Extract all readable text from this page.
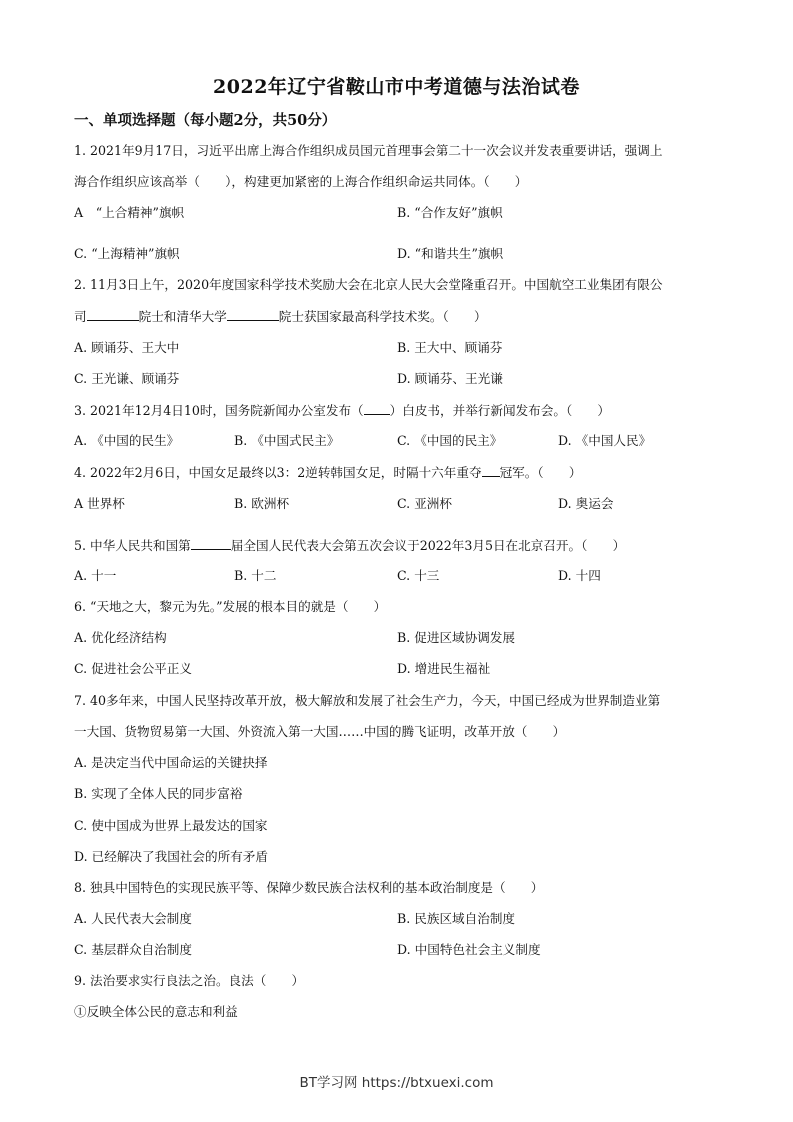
2022年辽宁省鞍山市中考道德与法治试卷
一、单项选择题（每小题2分，共50分）
1. 2021年9月17日，习近平出席上海合作组织成员国元首理事会第二十一次会议并发表重要讲话，强调上
海合作组织应该高举（　　），构建更加紧密的上海合作组织命运共同体。（　　）
A　“上合精神”旗帜	B. “合作友好”旗帜
C. “上海精神”旗帜	D. “和谐共生”旗帜
2. 11月3日上午，2020年度国家科学技术奖励大会在北京人民大会堂隆重召开。中国航空工业集团有限公
司	院士和清华大学	院士获国家最高科学技术奖。（　　）
A. 顾诵芬、王大中	B. 王大中、顾诵芬
C. 王光谦、顾诵芬	D. 顾诵芬、王光谦
3. 2021年12月4日10时，国务院新闻办公室发布（ ）白皮书，并举行新闻发布会。（　　）
A. 《中国的民生》	B. 《中国式民主》	C. 《中国的民主》	D. 《中国人民》
4. 2022年2月6日，中国女足最终以3：2逆转韩国女足，时隔十六年重夺 冠军。（　　）
A 世界杯	B. 欧洲杯	C. 亚洲杯	D. 奥运会
5. 中华人民共和国第	届全国人民代表大会第五次会议于2022年3月5日在北京召开。（　　）
A. 十一	B. 十二	C. 十三	D. 十四
6. “天地之大，黎元为先。”发展的根本目的就是（　　）
A. 优化经济结构	B. 促进区域协调发展
C. 促进社会公平正义	D. 增进民生福祉
7. 40多年来，中国人民坚持改革开放，极大解放和发展了社会生产力，今天，中国已经成为世界制造业第
一大国、货物贸易第一大国、外资流入第一大国……中国的腾飞证明，改革开放（　　）
A. 是决定当代中国命运的关键抉择
B. 实现了全体人民的同步富裕
C. 使中国成为世界上最发达的国家
D. 已经解决了我国社会的所有矛盾
8. 独具中国特色的实现民族平等、保障少数民族合法权利的基本政治制度是（　　）
A. 人民代表大会制度	B. 民族区域自治制度
C. 基层群众自治制度	D. 中国特色社会主义制度
9. 法治要求实行良法之治。良法（　　）
①反映全体公民的意志和利益
BT学习网 https://btxuexi.com
